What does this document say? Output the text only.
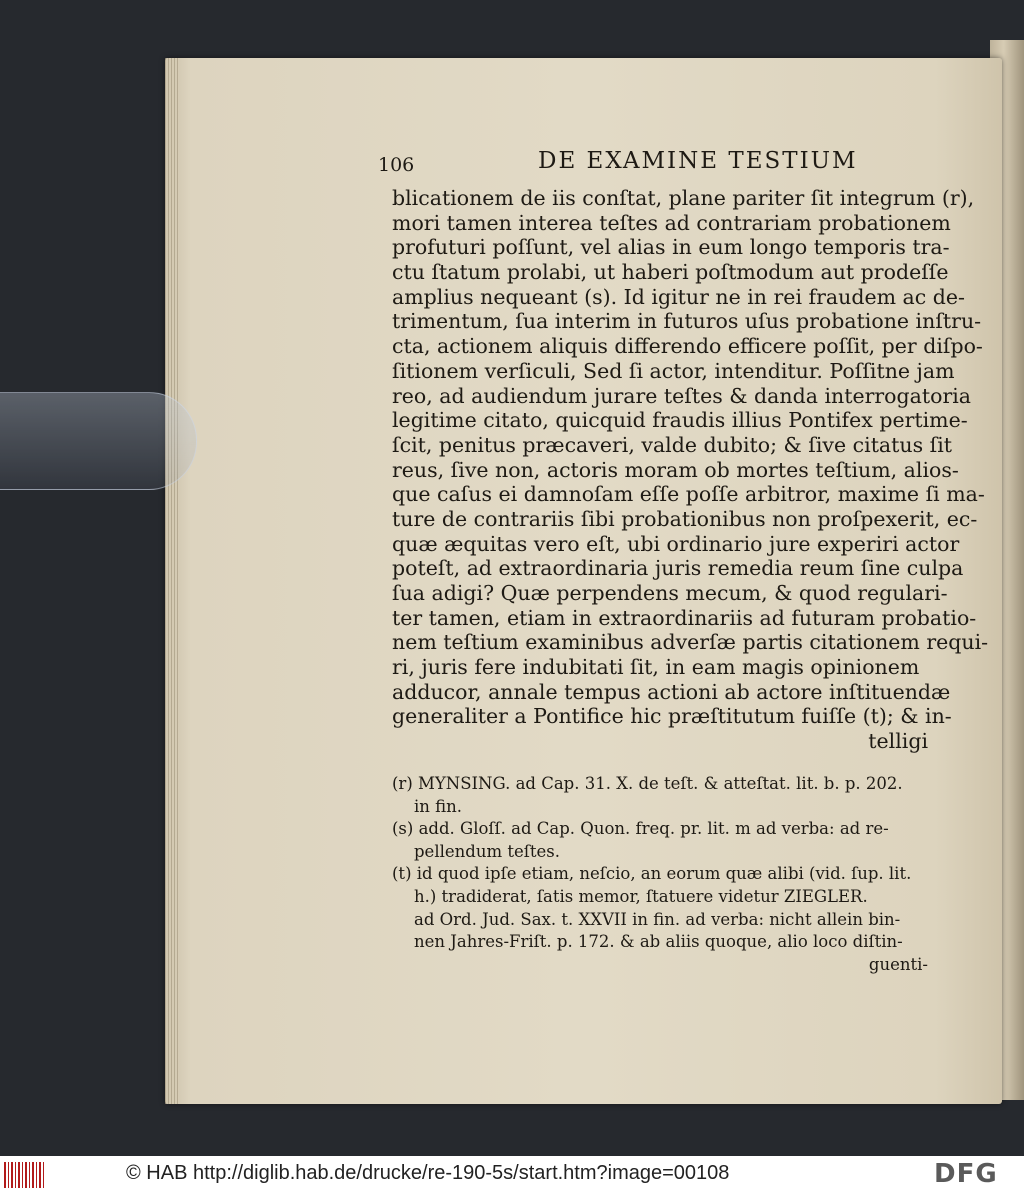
106	DE EXAMINE TESTIUM
blicationem de iis conſtat, plane pariter ſit integrum (r),
mori tamen interea teſtes ad contrariam probationem
profuturi poſſunt, vel alias in eum longo temporis tra-
ctu ſtatum prolabi, ut haberi poſtmodum aut prodeſſe
amplius nequeant (s). Id igitur ne in rei fraudem ac de-
trimentum, ſua interim in futuros uſus probatione inſtru-
cta, actionem aliquis differendo efficere poſſit, per diſpo-
ſitionem verſiculi, Sed ſi actor, intenditur. Poſſitne jam
reo, ad audiendum jurare teſtes & danda interrogatoria
legitime citato, quicquid fraudis illius Pontifex pertime-
ſcit, penitus præcaveri, valde dubito; & ſive citatus ſit
reus, ſive non, actoris moram ob mortes teſtium, alios-
que caſus ei damnoſam eſſe poſſe arbitror, maxime ſi ma-
ture de contrariis ſibi probationibus non proſpexerit, ec-
quæ æquitas vero eſt, ubi ordinario jure experiri actor
poteſt, ad extraordinaria juris remedia reum ſine culpa
ſua adigi? Quæ perpendens mecum, & quod regulari-
ter tamen, etiam in extraordinariis ad futuram probatio-
nem teſtium examinibus adverſæ partis citationem requi-
ri, juris fere indubitati ſit, in eam magis opinionem
adducor, annale tempus actioni ab actore inſtituendæ
generaliter a Pontifice hic præſtitutum fuiſſe (t); & in-
telligi
(r) MYNSING. ad Cap. 31. X. de teſt. & atteſtat. lit. b. p. 202.
in fin.
(s) add. Gloſſ. ad Cap. Quon. freq. pr. lit. m ad verba: ad re-
pellendum teſtes.
(t) id quod ipſe etiam, neſcio, an eorum quæ alibi (vid. ſup. lit.
h.) tradiderat, ſatis memor, ſtatuere videtur ZIEGLER.
ad Ord. Jud. Sax. t. XXVII in fin. ad verba: nicht allein bin-
nen Jahres-Friſt. p. 172. & ab aliis quoque, alio loco diſtin-
guenti-
© HAB http://diglib.hab.de/drucke/re-190-5s/start.htm?image=00108	DFG
